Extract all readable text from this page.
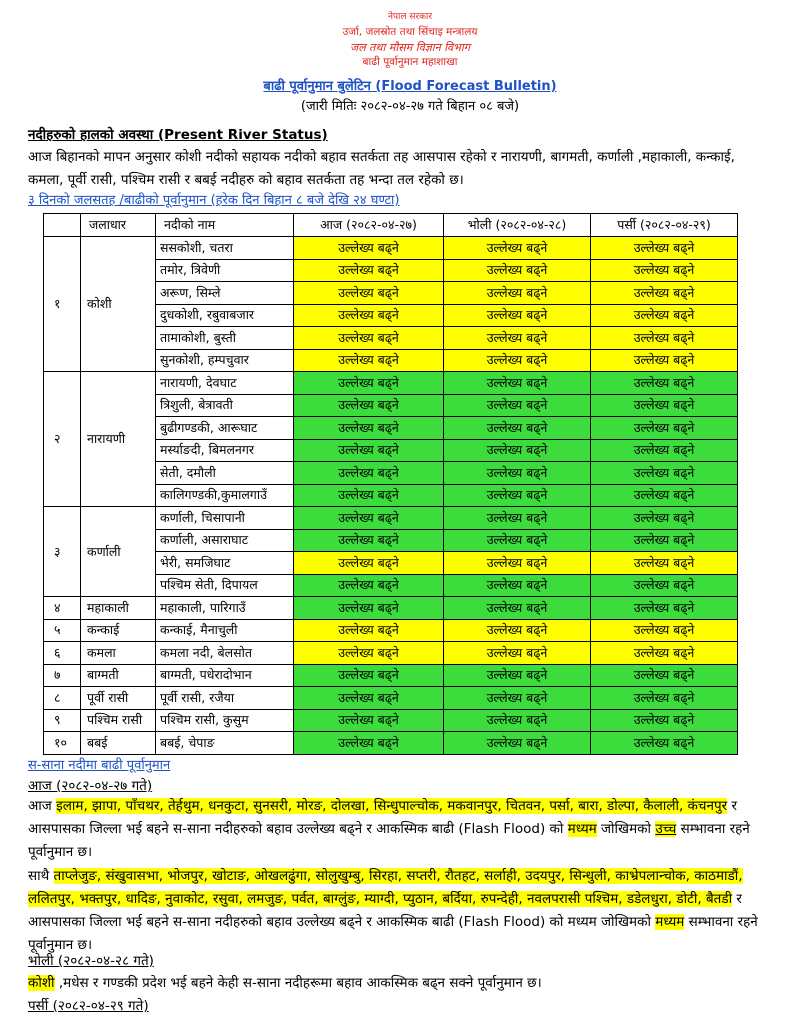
नेपाल सरकार
उर्जा, जलस्रोत तथा सिंचाइ मन्त्रालय
जल तथा मौसम विज्ञान विभाग
बाढी पूर्वानुमान महाशाखा
बाढी पूर्वानुमान बुलेटिन (Flood Forecast Bulletin)
(जारी मितिः २०८२-०४-२७ गते बिहान ०८ बजे)
नदीहरुको हालको अवस्था (Present River Status)
आज बिहानको मापन अनुसार कोशी नदीको सहायक नदीको बहाव सतर्कता तह आसपास रहेको र नारायणी, बागमती, कर्णाली ,महाकाली, कन्काई, कमला, पूर्वी रासी, पश्चिम रासी र बबई नदीहरु को बहाव सतर्कता तह भन्दा तल रहेको छ।
३ दिनको जलसतह /बाढीको पूर्वानुमान (हरेक दिन बिहान ८ बजे देखि २४ घण्टा)
	जलाधार	नदीको नाम	आज (२०८२-०४-२७)	भोली (२०८२-०४-२८)	पर्सी (२०८२-०४-२९)
१	कोशी	ससकोशी, चतरा	उल्लेख्य बढ्ने	उल्लेख्य बढ्ने	उल्लेख्य बढ्ने
		तमोर, त्रिवेणी	उल्लेख्य बढ्ने	उल्लेख्य बढ्ने	उल्लेख्य बढ्ने
		अरूण, सिम्ले	उल्लेख्य बढ्ने	उल्लेख्य बढ्ने	उल्लेख्य बढ्ने
		दुधकोशी, रबुवाबजार	उल्लेख्य बढ्ने	उल्लेख्य बढ्ने	उल्लेख्य बढ्ने
		तामाकोशी, बुस्ती	उल्लेख्य बढ्ने	उल्लेख्य बढ्ने	उल्लेख्य बढ्ने
		सुनकोशी, हम्पचुवार	उल्लेख्य बढ्ने	उल्लेख्य बढ्ने	उल्लेख्य बढ्ने
२	नारायणी	नारायणी, देवघाट	उल्लेख्य बढ्ने	उल्लेख्य बढ्ने	उल्लेख्य बढ्ने
		त्रिशुली, बेत्रावती	उल्लेख्य बढ्ने	उल्लेख्य बढ्ने	उल्लेख्य बढ्ने
		बुढीगण्डकी, आरूघाट	उल्लेख्य बढ्ने	उल्लेख्य बढ्ने	उल्लेख्य बढ्ने
		मर्स्याङदी, बिमलनगर	उल्लेख्य बढ्ने	उल्लेख्य बढ्ने	उल्लेख्य बढ्ने
		सेती, दमौली	उल्लेख्य बढ्ने	उल्लेख्य बढ्ने	उल्लेख्य बढ्ने
		कालिगण्डकी,कुमालगाउँ	उल्लेख्य बढ्ने	उल्लेख्य बढ्ने	उल्लेख्य बढ्ने
३	कर्णाली	कर्णाली, चिसापानी	उल्लेख्य बढ्ने	उल्लेख्य बढ्ने	उल्लेख्य बढ्ने
		कर्णाली, असाराघाट	उल्लेख्य बढ्ने	उल्लेख्य बढ्ने	उल्लेख्य बढ्ने
		भेरी, समजिघाट	उल्लेख्य बढ्ने	उल्लेख्य बढ्ने	उल्लेख्य बढ्ने
		पश्चिम सेती, दिपायल	उल्लेख्य बढ्ने	उल्लेख्य बढ्ने	उल्लेख्य बढ्ने
४	महाकाली	महाकाली, पारिगाउँ	उल्लेख्य बढ्ने	उल्लेख्य बढ्ने	उल्लेख्य बढ्ने
५	कन्काई	कन्काई, मैनाचुली	उल्लेख्य बढ्ने	उल्लेख्य बढ्ने	उल्लेख्य बढ्ने
६	कमला	कमला नदी, बेलसोत	उल्लेख्य बढ्ने	उल्लेख्य बढ्ने	उल्लेख्य बढ्ने
७	बाग्मती	बाग्मती, पधेरादोभान	उल्लेख्य बढ्ने	उल्लेख्य बढ्ने	उल्लेख्य बढ्ने
८	पूर्वी रासी	पूर्वी रासी, रजैया	उल्लेख्य बढ्ने	उल्लेख्य बढ्ने	उल्लेख्य बढ्ने
९	पश्चिम रासी	पश्चिम रासी, कुसुम	उल्लेख्य बढ्ने	उल्लेख्य बढ्ने	उल्लेख्य बढ्ने
१०	बबई	बबई, चेपाङ	उल्लेख्य बढ्ने	उल्लेख्य बढ्ने	उल्लेख्य बढ्ने
स-साना नदीमा बाढी पूर्वानुमान
आज (२०८२-०४-२७ गते)
आज इलाम, झापा, पाँचथर, तेर्हथुम, धनकुटा, सुनसरी, मोरङ, दोलखा, सिन्धुपाल्चोक, मकवानपुर, चितवन, पर्सा, बारा, डोल्पा, कैलाली, कंचनपुर र आसपासका जिल्ला भई बहने स-साना नदीहरुको बहाव उल्लेख्य बढ्ने र आकस्मिक बाढी (Flash Flood) को मध्यम जोखिमको उच्च सम्भावना रहने पूर्वानुमान छ।
साथै ताप्लेजुङ, संखुवासभा, भोजपुर, खोटाङ, ओखलढुंगा, सोलुखुम्बु, सिरहा, सप्तरी, रौतहट, सर्लाही, उदयपुर, सिन्धुली, काभ्रेपलान्चोक, काठमाडौं, ललितपुर, भक्तपुर, धादिङ, नुवाकोट, रसुवा, लमजुङ, पर्वत, बाग्लुंङ, म्याग्दी, प्युठान, बर्दिया, रुपन्देही, नवलपरासी पश्चिम, डडेलधुरा, डोटी, बैतडी र आसपासका जिल्ला भई बहने स-साना नदीहरुको बहाव उल्लेख्य बढ्ने र आकस्मिक बाढी (Flash Flood) को मध्यम जोखिमको मध्यम सम्भावना रहने पूर्वानुमान छ।
भोली (२०८२-०४-२८ गते)
कोशी ,मधेस र गण्डकी प्रदेश भई बहने केही स-साना नदीहरूमा बहाव आकस्मिक बढ्न सक्ने पूर्वानुमान छ।
पर्सी (२०८२-०४-२९ गते)
